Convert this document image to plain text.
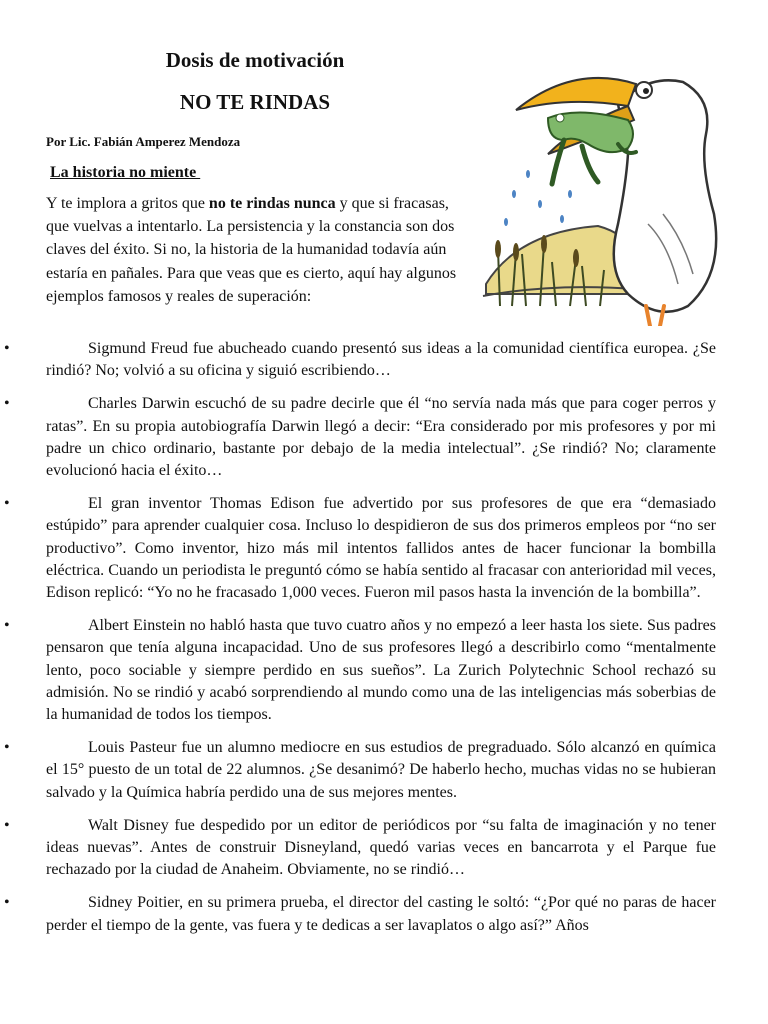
Dosis de motivación
NO TE RINDAS
Por Lic. Fabián Amperez Mendoza
La historia no miente

Y te implora a gritos que no te rindas nunca y que si fracasas, que vuelvas a intentarlo. La persistencia y la constancia son dos claves del éxito. Si no, la historia de la humanidad todavía aún estaría en pañales. Para que veas que es cierto, aquí hay algunos ejemplos famosos y reales de superación:

•	Sigmund Freud fue abucheado cuando presentó sus ideas a la comunidad científica europea. ¿Se rindió? No; volvió a su oficina y siguió escribiendo…

•	Charles Darwin escuchó de su padre decirle que él “no servía nada más que para coger perros y ratas”. En su propia autobiografía Darwin llegó a decir: “Era considerado por mis profesores y por mi padre un chico ordinario, bastante por debajo de la media intelectual”. ¿Se rindió? No; claramente evolucionó hacia el éxito…

•	El gran inventor Thomas Edison fue advertido por sus profesores de que era “demasiado estúpido” para aprender cualquier cosa. Incluso lo despidieron de sus dos primeros empleos por “no ser productivo”. Como inventor, hizo más mil intentos fallidos antes de hacer funcionar la bombilla eléctrica. Cuando un periodista le preguntó cómo se había sentido al fracasar con anterioridad mil veces, Edison replicó: “Yo no he fracasado 1,000 veces. Fueron mil pasos hasta la invención de la bombilla”.

•	Albert Einstein no habló hasta que tuvo cuatro años y no empezó a leer hasta los siete. Sus padres pensaron que tenía alguna incapacidad. Uno de sus profesores llegó a describirlo como “mentalmente lento, poco sociable y siempre perdido en sus sueños”. La Zurich Polytechnic School rechazó su admisión. No se rindió y acabó sorprendiendo al mundo como una de las inteligencias más soberbias de la humanidad de todos los tiempos.

•	Louis Pasteur fue un alumno mediocre en sus estudios de pregraduado. Sólo alcanzó en química el 15° puesto de un total de 22 alumnos. ¿Se desanimó? De haberlo hecho, muchas vidas no se hubieran salvado y la Química habría perdido una de sus mejores mentes.

•	Walt Disney fue despedido por un editor de periódicos por “su falta de imaginación y no tener ideas nuevas”. Antes de construir Disneyland, quedó varias veces en bancarrota y el Parque fue rechazado por la ciudad de Anaheim. Obviamente, no se rindió…

•	Sidney Poitier, en su primera prueba, el director del casting le soltó: “¿Por qué no paras de hacer perder el tiempo de la gente, vas fuera y te dedicas a ser lavaplatos o algo así?” Años
